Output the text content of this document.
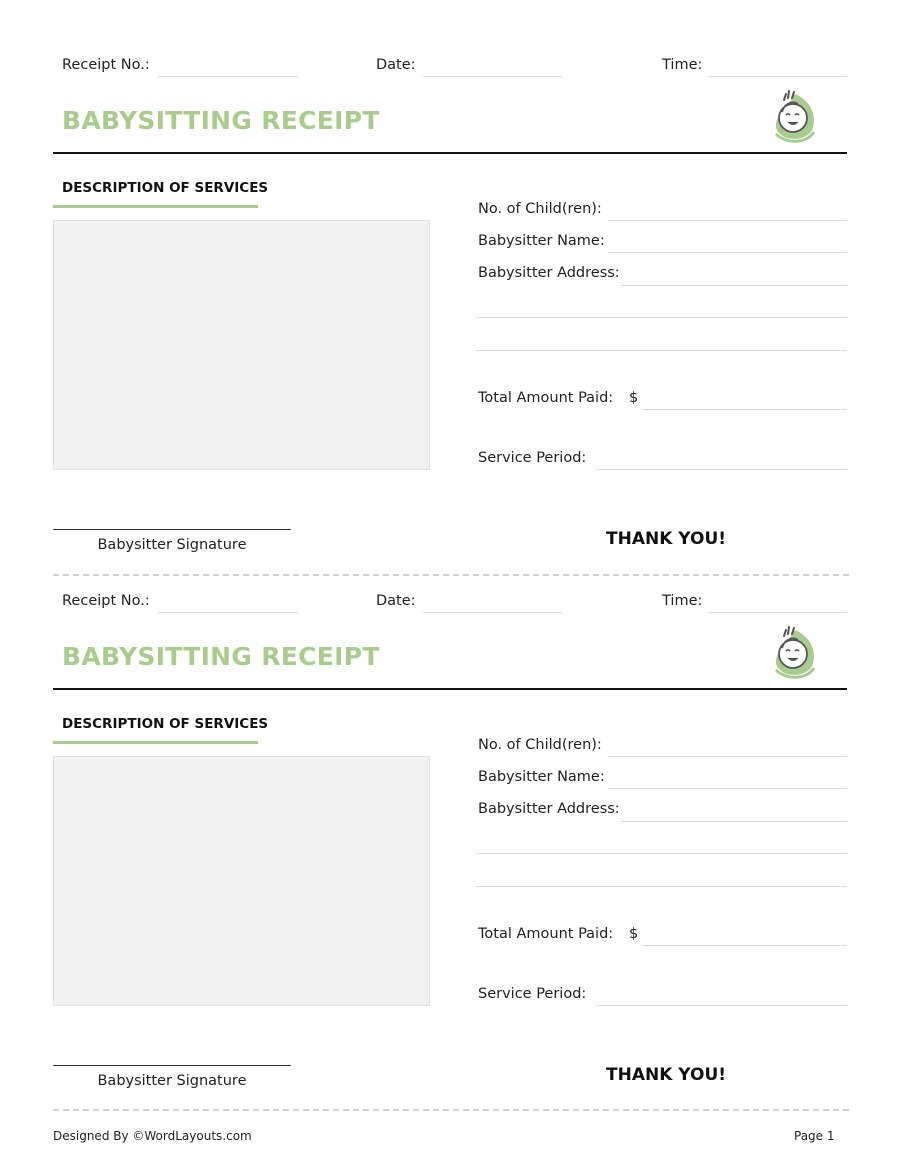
Receipt No.:	Date:	Time:
BABYSITTING RECEIPT
DESCRIPTION OF SERVICES
No. of Child(ren):
Babysitter Name:
Babysitter Address:
Total Amount Paid: $
Service Period:
Babysitter Signature	THANK YOU!
Receipt No.:	Date:	Time:
BABYSITTING RECEIPT
DESCRIPTION OF SERVICES
No. of Child(ren):
Babysitter Name:
Babysitter Address:
Total Amount Paid: $
Service Period:
Babysitter Signature	THANK YOU!
Designed By ©WordLayouts.com	Page 1
